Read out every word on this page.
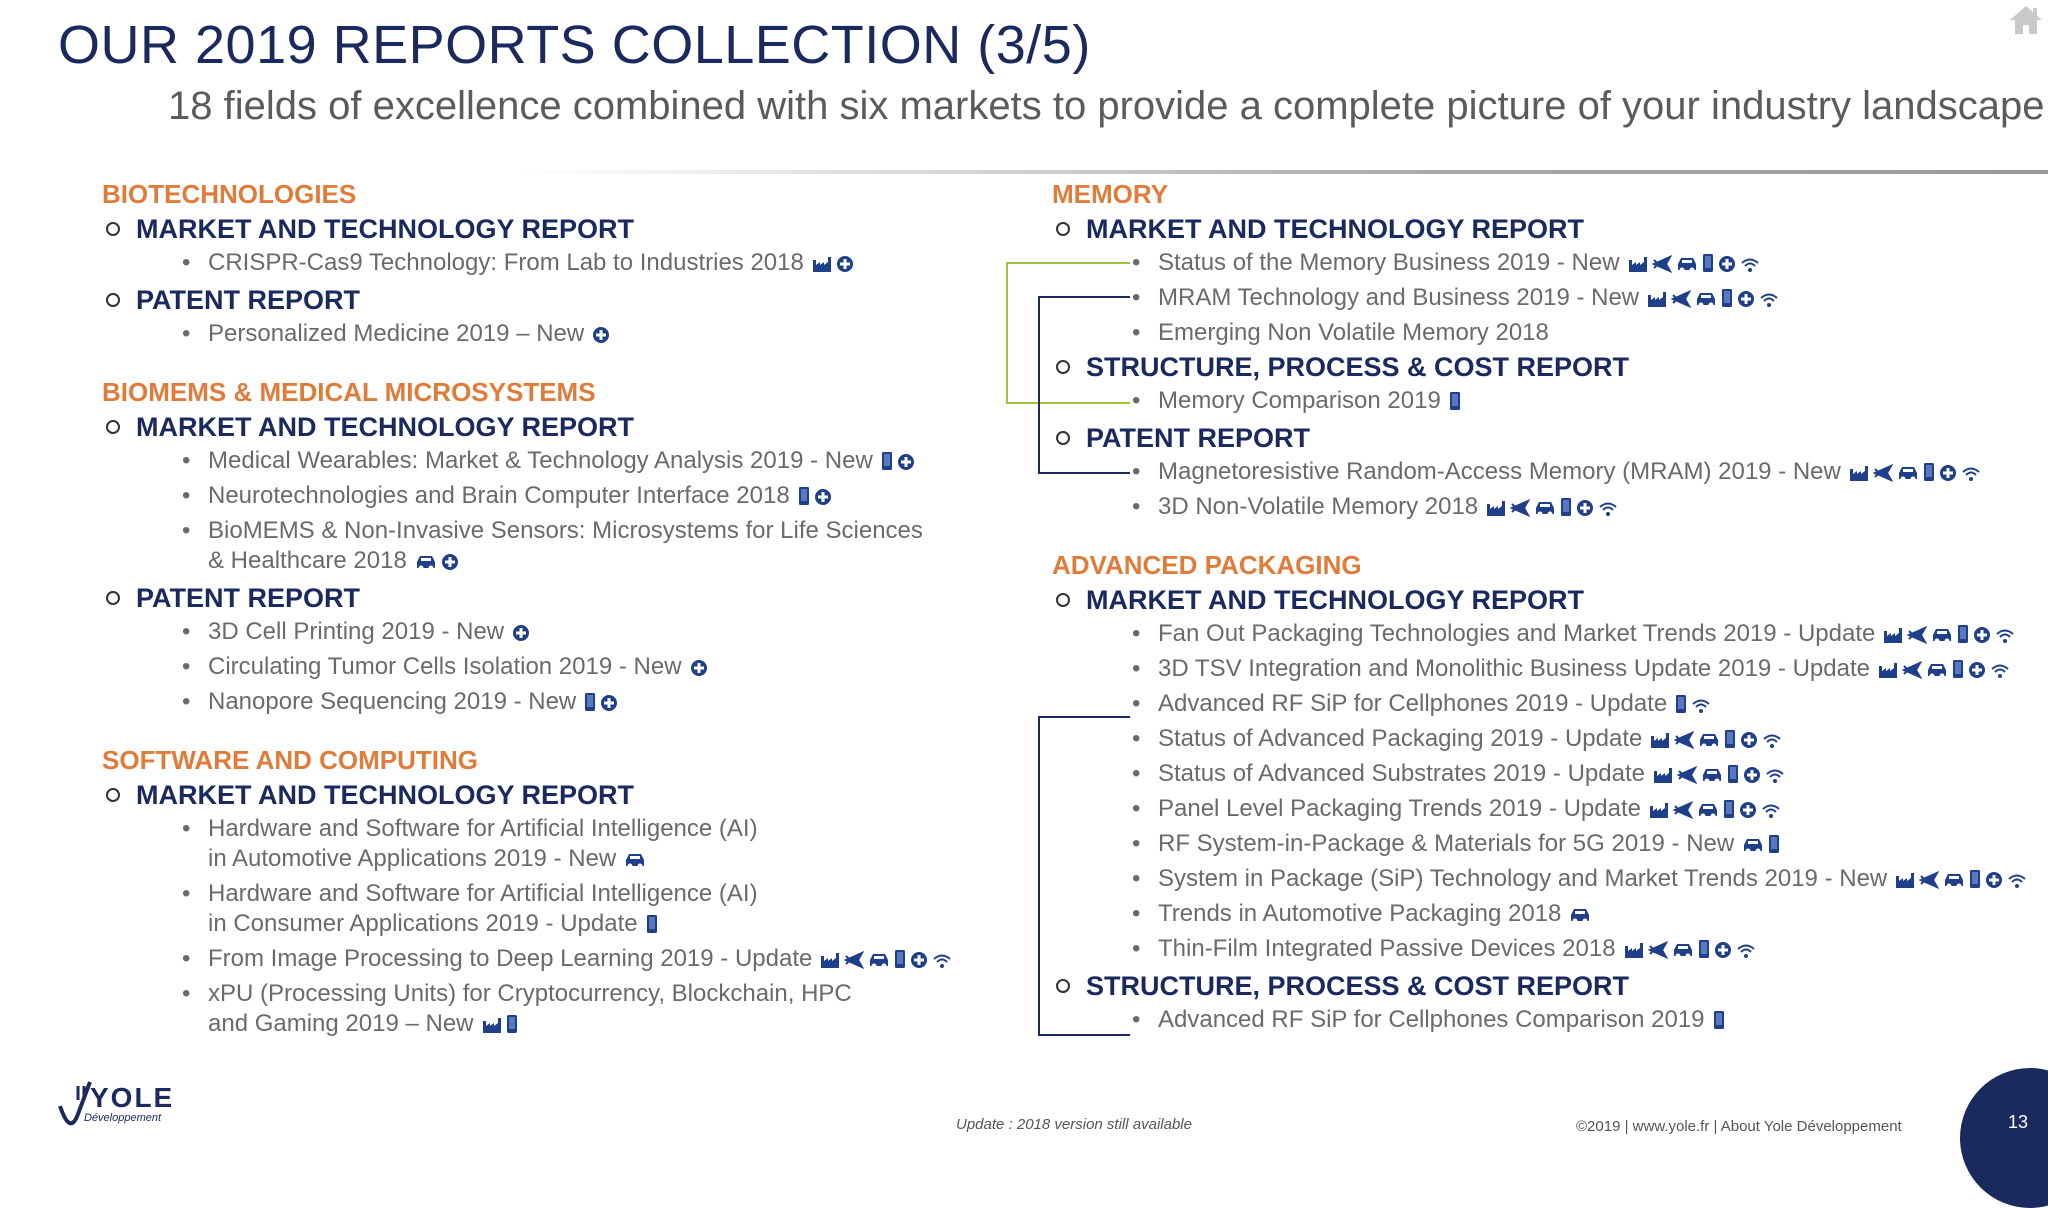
OUR 2019 REPORTS COLLECTION (3/5)
18 fields of excellence combined with six markets to provide a complete picture of your industry landscape
BIOTECHNOLOGIES
MARKET AND TECHNOLOGY REPORT
• CRISPR-Cas9 Technology: From Lab to Industries 2018
PATENT REPORT
• Personalized Medicine 2019 – New
BIOMEMS & MEDICAL MICROSYSTEMS
MARKET AND TECHNOLOGY REPORT
• Medical Wearables: Market & Technology Analysis 2019 - New
• Neurotechnologies and Brain Computer Interface 2018
• BioMEMS & Non-Invasive Sensors: Microsystems for Life Sciences
& Healthcare 2018
PATENT REPORT
• 3D Cell Printing 2019 - New
• Circulating Tumor Cells Isolation 2019 - New
• Nanopore Sequencing 2019 - New
SOFTWARE AND COMPUTING
MARKET AND TECHNOLOGY REPORT
• Hardware and Software for Artificial Intelligence (AI)
in Automotive Applications 2019 - New
• Hardware and Software for Artificial Intelligence (AI)
in Consumer Applications 2019 - Update
• From Image Processing to Deep Learning 2019 - Update
• xPU (Processing Units) for Cryptocurrency, Blockchain, HPC
and Gaming 2019 – New
MEMORY
MARKET AND TECHNOLOGY REPORT
• Status of the Memory Business 2019 - New
• MRAM Technology and Business 2019 - New
• Emerging Non Volatile Memory 2018
STRUCTURE, PROCESS & COST REPORT
• Memory Comparison 2019
PATENT REPORT
• Magnetoresistive Random-Access Memory (MRAM) 2019 - New
• 3D Non-Volatile Memory 2018
ADVANCED PACKAGING
MARKET AND TECHNOLOGY REPORT
• Fan Out Packaging Technologies and Market Trends 2019 - Update
• 3D TSV Integration and Monolithic Business Update 2019 - Update
• Advanced RF SiP for Cellphones 2019 - Update
• Status of Advanced Packaging 2019 - Update
• Status of Advanced Substrates 2019 - Update
• Panel Level Packaging Trends 2019 - Update
• RF System-in-Package & Materials for 5G 2019 - New
• System in Package (SiP) Technology and Market Trends 2019 - New
• Trends in Automotive Packaging 2018
• Thin-Film Integrated Passive Devices 2018
STRUCTURE, PROCESS & COST REPORT
• Advanced RF SiP for Cellphones Comparison 2019
Update : 2018 version still available	©2019 | www.yole.fr | About Yole Développement	13
YOLE
Développement
